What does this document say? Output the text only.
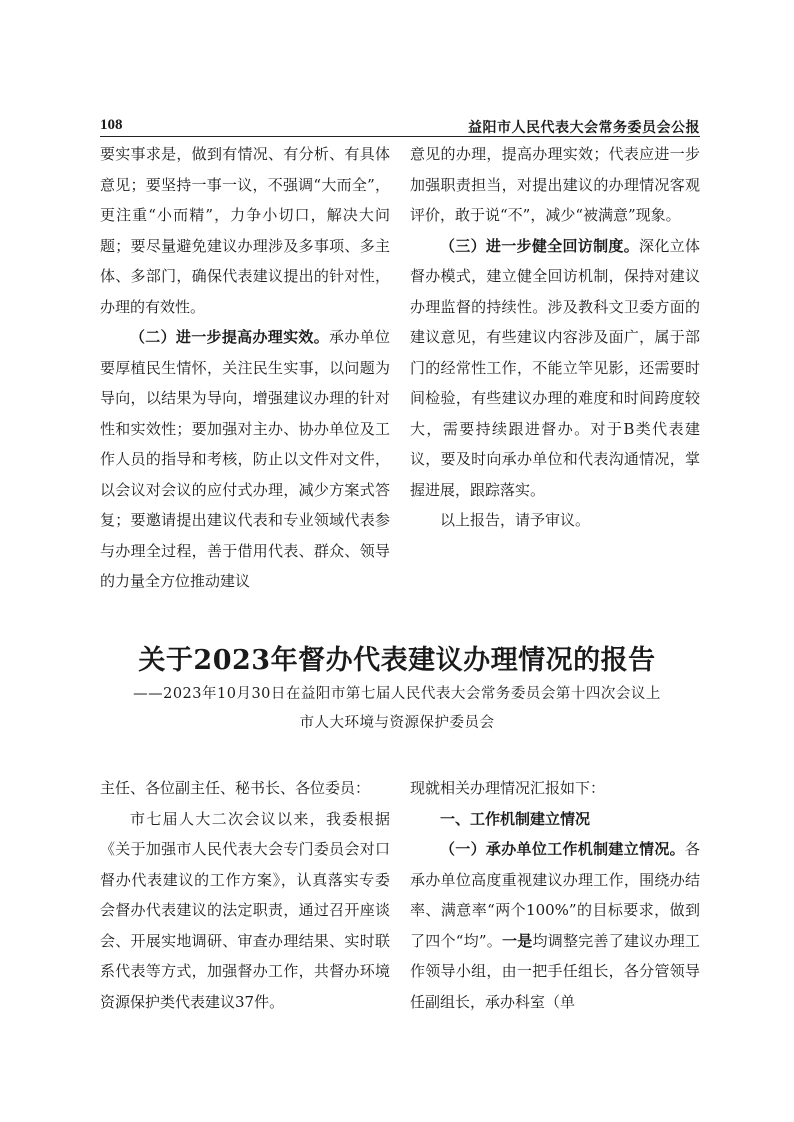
108	益阳市人民代表大会常务委员会公报

要实事求是，做到有情况、有分析、有具体意见；要坚持一事一议，不强调“大而全”，更注重“小而精”，力争小切口，解决大问题；要尽量避免建议办理涉及多事项、多主体、多部门，确保代表建议提出的针对性，办理的有效性。

（二）进一步提高办理实效。承办单位要厚植民生情怀，关注民生实事，以问题为导向，以结果为导向，增强建议办理的针对性和实效性；要加强对主办、协办单位及工作人员的指导和考核，防止以文件对文件，以会议对会议的应付式办理，减少方案式答复；要邀请提出建议代表和专业领域代表参与办理全过程，善于借用代表、群众、领导的力量全方位推动建议

意见的办理，提高办理实效；代表应进一步加强职责担当，对提出建议的办理情况客观评价，敢于说“不”，减少“被满意”现象。

（三）进一步健全回访制度。深化立体督办模式，建立健全回访机制，保持对建议办理监督的持续性。涉及教科文卫委方面的建议意见，有些建议内容涉及面广，属于部门的经常性工作，不能立竿见影，还需要时间检验，有些建议办理的难度和时间跨度较大，需要持续跟进督办。对于B类代表建议，要及时向承办单位和代表沟通情况，掌握进展，跟踪落实。

以上报告，请予审议。

关于2023年督办代表建议办理情况的报告
——2023年10月30日在益阳市第七届人民代表大会常务委员会第十四次会议上
市人大环境与资源保护委员会

主任、各位副主任、秘书长、各位委员：

市七届人大二次会议以来，我委根据《关于加强市人民代表大会专门委员会对口督办代表建议的工作方案》，认真落实专委会督办代表建议的法定职责，通过召开座谈会、开展实地调研、审查办理结果、实时联系代表等方式，加强督办工作，共督办环境资源保护类代表建议37件。

现就相关办理情况汇报如下：

一、工作机制建立情况

（一）承办单位工作机制建立情况。各承办单位高度重视建议办理工作，围绕办结率、满意率“两个100%”的目标要求，做到了四个“均”。一是均调整完善了建议办理工作领导小组，由一把手任组长，各分管领导任副组长，承办科室（单
